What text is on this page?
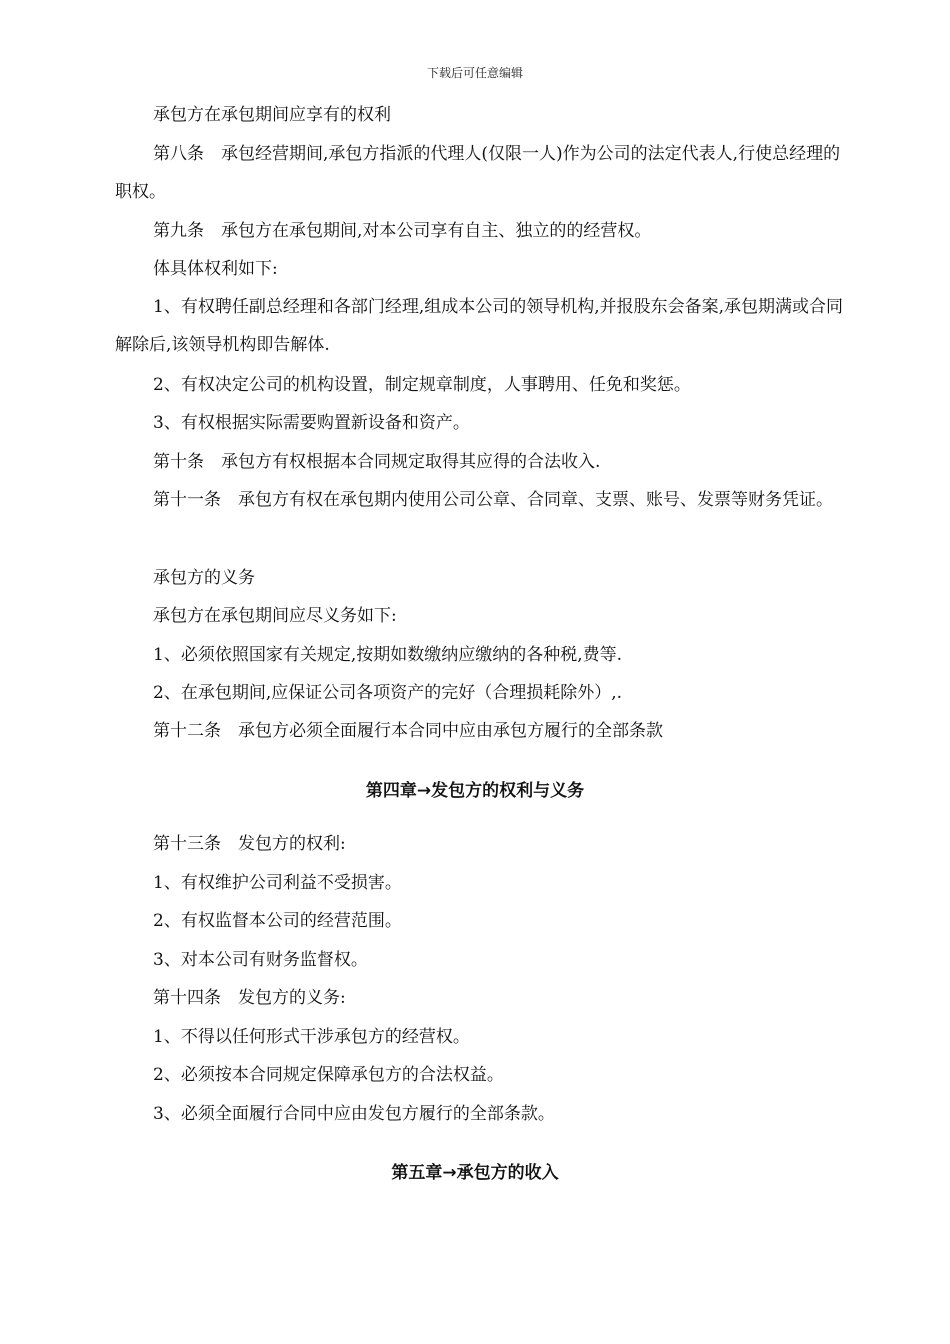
下载后可任意编辑

承包方在承包期间应享有的权利

第八条　承包经营期间,承包方指派的代理人(仅限一人)作为公司的法定代表人,行使总经理的职权。

第九条　承包方在承包期间,对本公司享有自主、独立的的经营权。

体具体权利如下:

1、有权聘任副总经理和各部门经理,组成本公司的领导机构,并报股东会备案,承包期满或合同解除后,该领导机构即告解体.

2、有权决定公司的机构设置，制定规章制度，人事聘用、任免和奖惩。

3、有权根据实际需要购置新设备和资产。

第十条　承包方有权根据本合同规定取得其应得的合法收入.

第十一条　承包方有权在承包期内使用公司公章、合同章、支票、账号、发票等财务凭证。

承包方的义务

承包方在承包期间应尽义务如下:

1、必须依照国家有关规定,按期如数缴纳应缴纳的各种税,费等.

2、在承包期间,应保证公司各项资产的完好（合理损耗除外）,.

第十二条　承包方必须全面履行本合同中应由承包方履行的全部条款

第四章→发包方的权利与义务

第十三条　发包方的权利:

1、有权维护公司利益不受损害。

2、有权监督本公司的经营范围。

3、对本公司有财务监督权。

第十四条　发包方的义务:

1、不得以任何形式干涉承包方的经营权。

2、必须按本合同规定保障承包方的合法权益。

3、必须全面履行合同中应由发包方履行的全部条款。

第五章→承包方的收入
